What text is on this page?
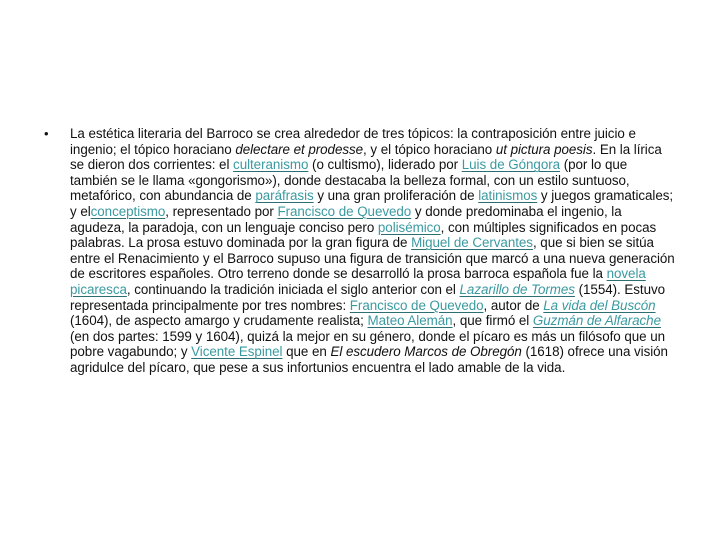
• La estética literaria del Barroco se crea alrededor de tres tópicos: la contraposición entre juicio e ingenio; el tópico horaciano delectare et prodesse, y el tópico horaciano ut pictura poesis. En la lírica se dieron dos corrientes: el culteranismo (o cultismo), liderado por Luis de Góngora (por lo que también se le llama «gongorismo»), donde destacaba la belleza formal, con un estilo suntuoso, metafórico, con abundancia de paráfrasis y una gran proliferación de latinismos y juegos gramaticales; y elconceptismo, representado por Francisco de Quevedo y donde predominaba el ingenio, la agudeza, la paradoja, con un lenguaje conciso pero polisémico, con múltiples significados en pocas palabras. La prosa estuvo dominada por la gran figura de Miguel de Cervantes, que si bien se sitúa entre el Renacimiento y el Barroco supuso una figura de transición que marcó a una nueva generación de escritores españoles. Otro terreno donde se desarrolló la prosa barroca española fue la novela picaresca, continuando la tradición iniciada el siglo anterior con el Lazarillo de Tormes (1554). Estuvo representada principalmente por tres nombres: Francisco de Quevedo, autor de La vida del Buscón (1604), de aspecto amargo y crudamente realista; Mateo Alemán, que firmó el Guzmán de Alfarache (en dos partes: 1599 y 1604), quizá la mejor en su género, donde el pícaro es más un filósofo que un pobre vagabundo; y Vicente Espinel que en El escudero Marcos de Obregón (1618) ofrece una visión agridulce del pícaro, que pese a sus infortunios encuentra el lado amable de la vida.
